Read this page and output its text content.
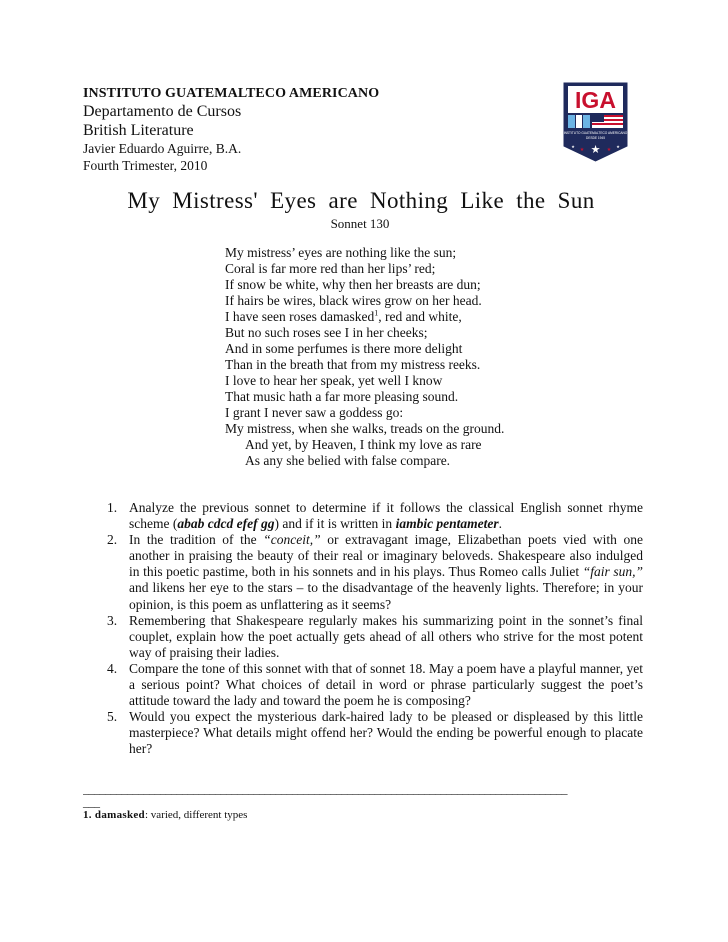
INSTITUTO GUATEMALTECO AMERICANO
Departamento de Cursos
British Literature
Javier Eduardo Aguirre, B.A.
Fourth Trimester, 2010
IGA
INSTITUTO GUATEMALTECO AMERICANO
DESDE 1945
★
★	★
★	★
My Mistress' Eyes are Nothing Like the Sun
Sonnet 130
My mistress’ eyes are nothing like the sun;
Coral is far more red than her lips’ red;
If snow be white, why then her breasts are dun;
If hairs be wires, black wires grow on her head.
I have seen roses damasked$^1$, red and white,
But no such roses see I in her cheeks;
And in some perfumes is there more delight
Than in the breath that from my mistress reeks.
I love to hear her speak, yet well I know
That music hath a far more pleasing sound.
I grant I never saw a goddess go:
My mistress, when she walks, treads on the ground.
And yet, by Heaven, I think my love as rare
As any she belied with false compare.
1. Analyze the previous sonnet to determine if it follows the classical English sonnet rhyme scheme (abab cdcd efef gg) and if it is written in iambic pentameter.
2. In the tradition of the “conceit,” or extravagant image, Elizabethan poets vied with one another in praising the beauty of their real or imaginary beloveds. Shakespeare also indulged in this poetic pastime, both in his sonnets and in his plays. Thus Romeo calls Juliet “fair sun,” and likens her eye to the stars – to the disadvantage of the heavenly lights. Therefore; in your opinion, is this poem as unflattering as it seems?
3. Remembering that Shakespeare regularly makes his summarizing point in the sonnet’s final couplet, explain how the poet actually gets ahead of all others who strive for the most potent way of praising their ladies.
4. Compare the tone of this sonnet with that of sonnet 18. May a poem have a playful manner, yet a serious point? What choices of detail in word or phrase particularly suggest the poet’s attitude toward the lady and toward the poem he is composing?
5. Would you expect the mysterious dark-haired lady to be pleased or displeased by this little masterpiece? What details might offend her? Would the ending be powerful enough to placate her?
________________________________________________________________________________________
___
1. damasked: varied, different types
